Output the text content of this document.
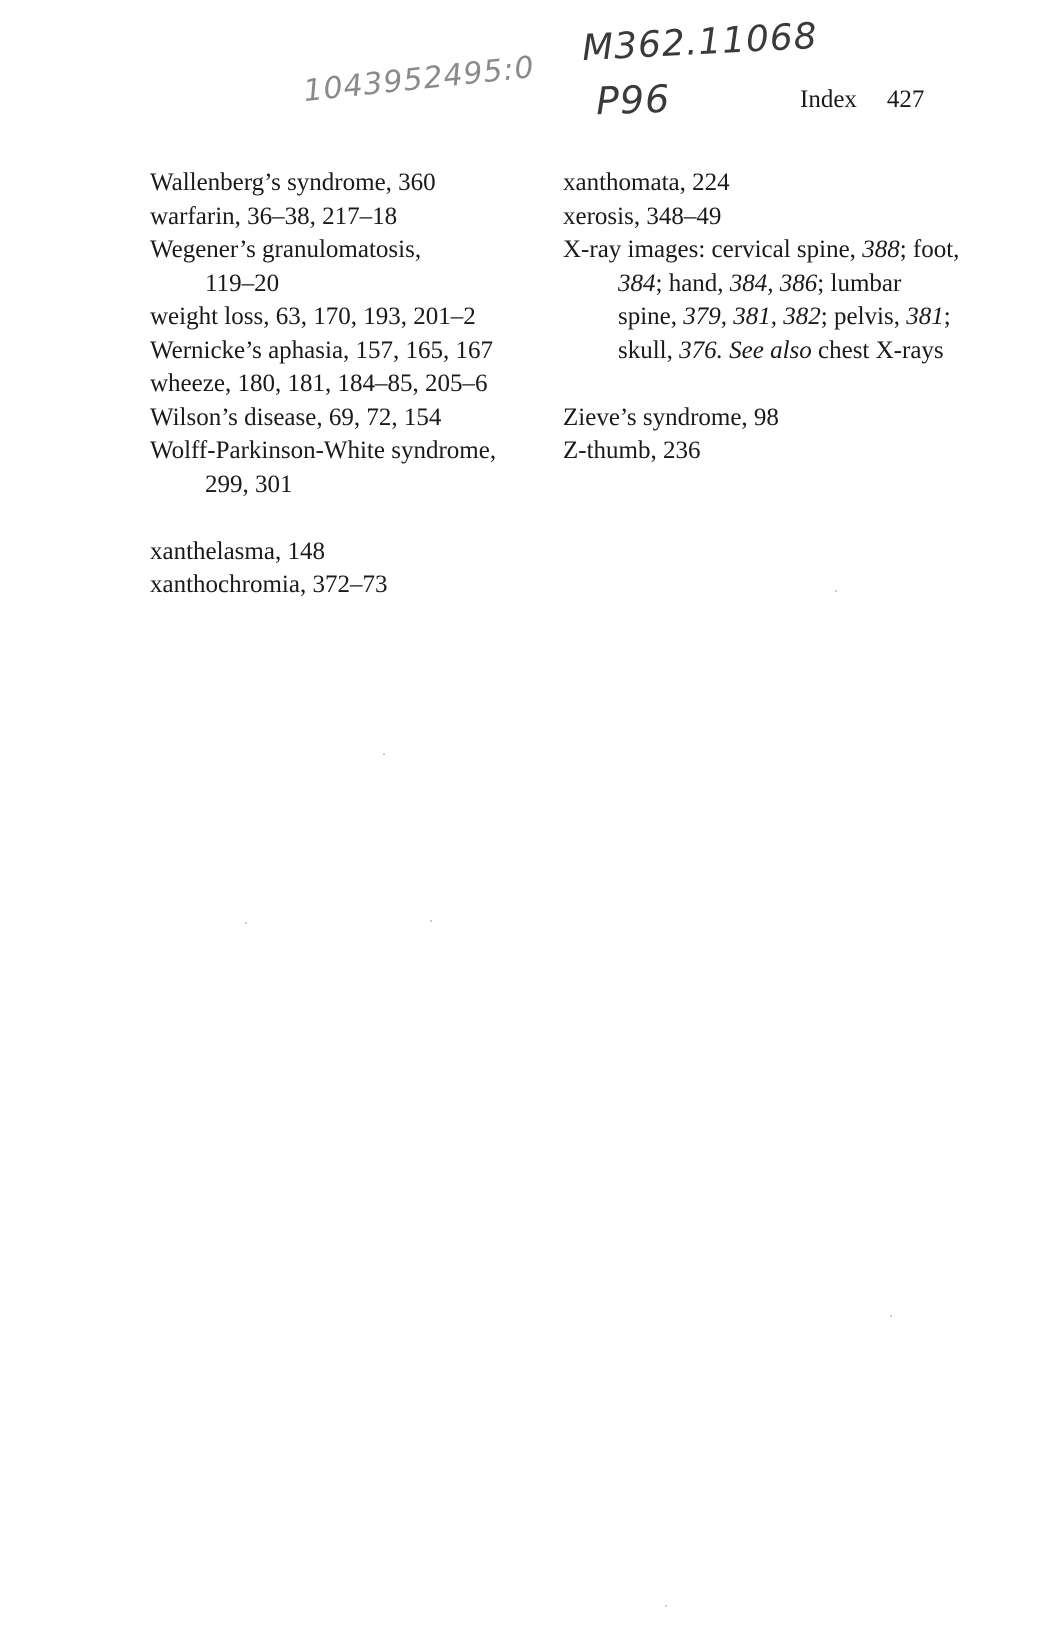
1043952495:0
M362.11068
P96	Index 427
Wallenberg’s syndrome, 360
warfarin, 36–38, 217–18
Wegener’s granulomatosis,
119–20
weight loss, 63, 170, 193, 201–2
Wernicke’s aphasia, 157, 165, 167
wheeze, 180, 181, 184–85, 205–6
Wilson’s disease, 69, 72, 154
Wolff-Parkinson-White syndrome,
299, 301
xanthelasma, 148
xanthochromia, 372–73
xanthomata, 224
xerosis, 348–49
X-ray images: cervical spine, 388; foot, 384; hand, 384, 386; lumbar spine, 379, 381, 382; pelvis, 381; skull, 376. See also chest X-rays
Zieve’s syndrome, 98
Z-thumb, 236
